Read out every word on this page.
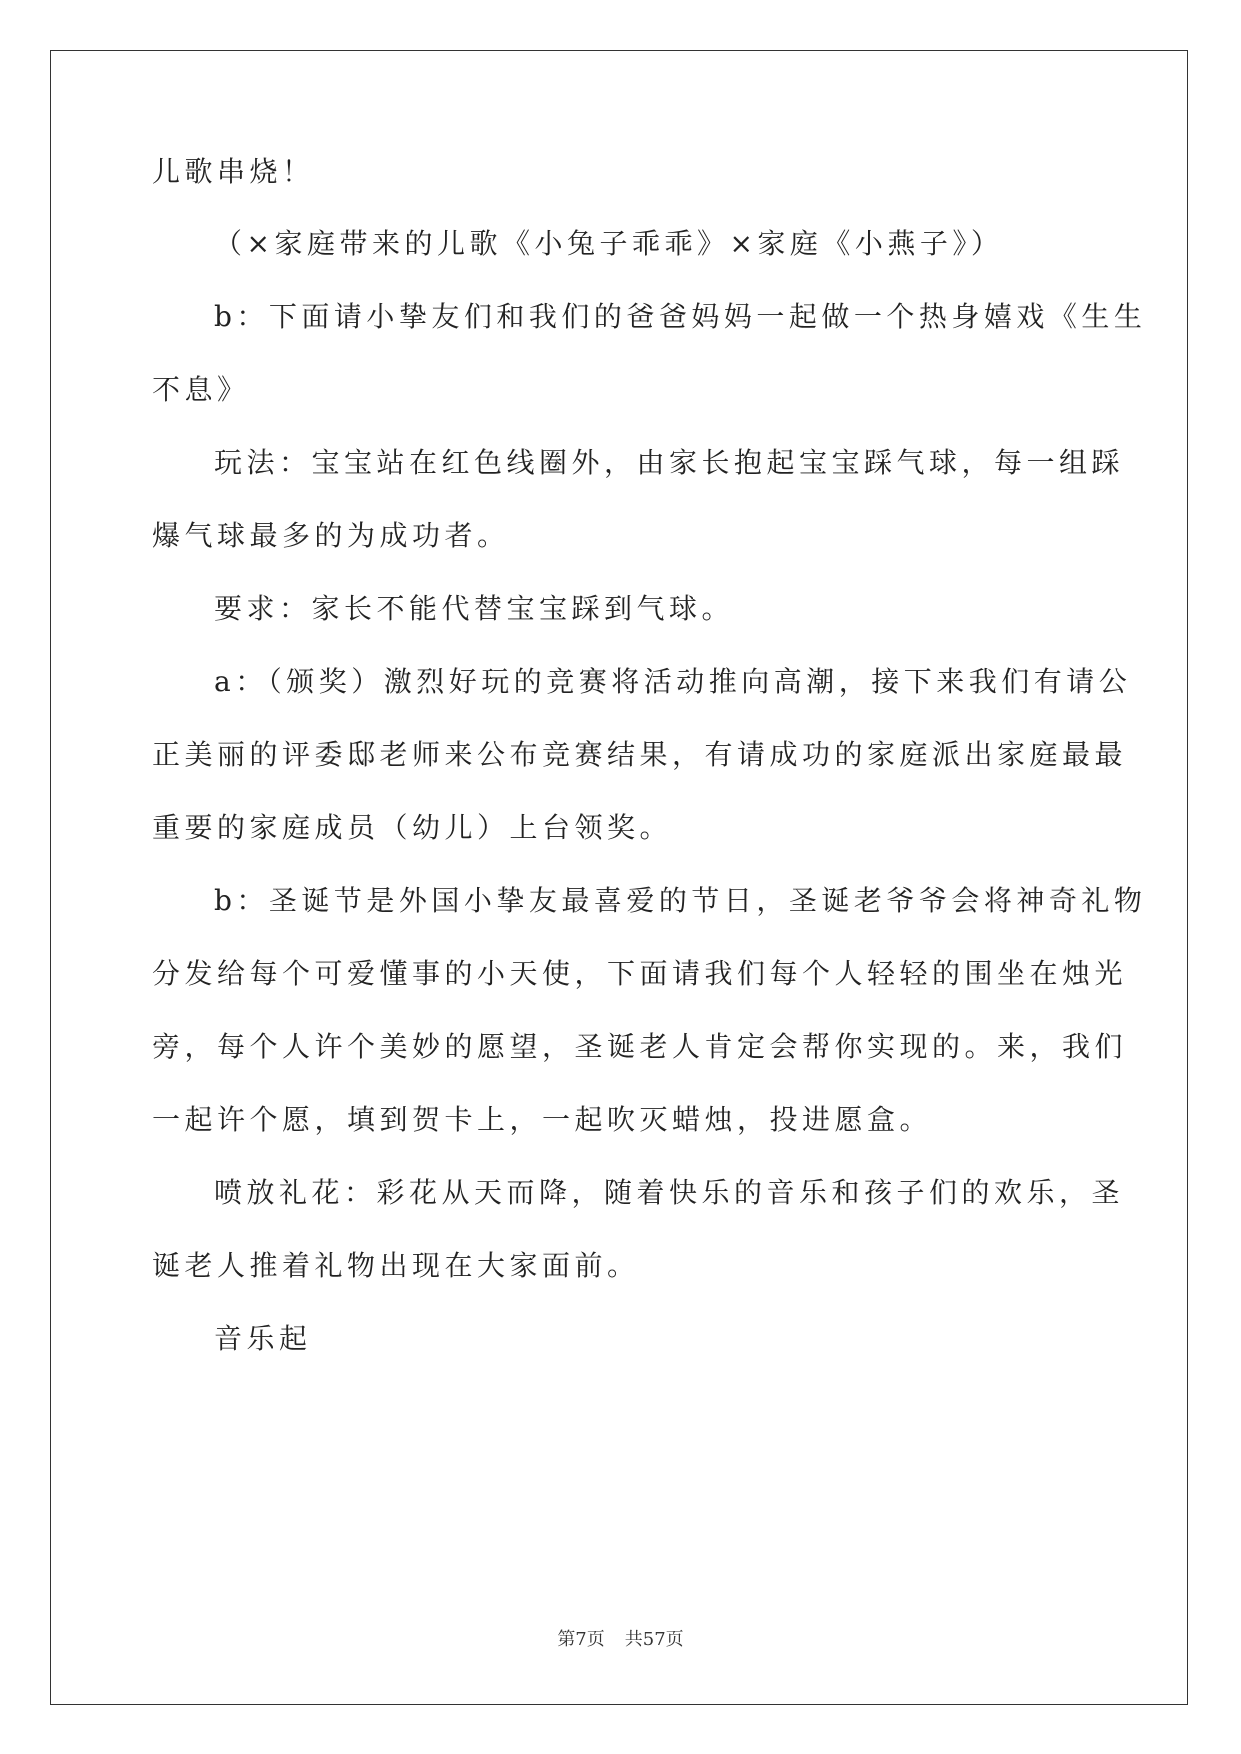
儿歌串烧！
（×家庭带来的儿歌《小兔子乖乖》×家庭《小燕子》）
b：下面请小挚友们和我们的爸爸妈妈一起做一个热身嬉戏《生生
不息》
玩法：宝宝站在红色线圈外，由家长抱起宝宝踩气球，每一组踩
爆气球最多的为成功者。
要求：家长不能代替宝宝踩到气球。
a：（颁奖）激烈好玩的竞赛将活动推向高潮，接下来我们有请公
正美丽的评委邸老师来公布竞赛结果，有请成功的家庭派出家庭最最
重要的家庭成员（幼儿）上台领奖。
b：圣诞节是外国小挚友最喜爱的节日，圣诞老爷爷会将神奇礼物
分发给每个可爱懂事的小天使，下面请我们每个人轻轻的围坐在烛光
旁，每个人许个美妙的愿望，圣诞老人肯定会帮你实现的。来，我们
一起许个愿，填到贺卡上，一起吹灭蜡烛，投进愿盒。
喷放礼花：彩花从天而降，随着快乐的音乐和孩子们的欢乐，圣
诞老人推着礼物出现在大家面前。
音乐起
第7页 共57页
